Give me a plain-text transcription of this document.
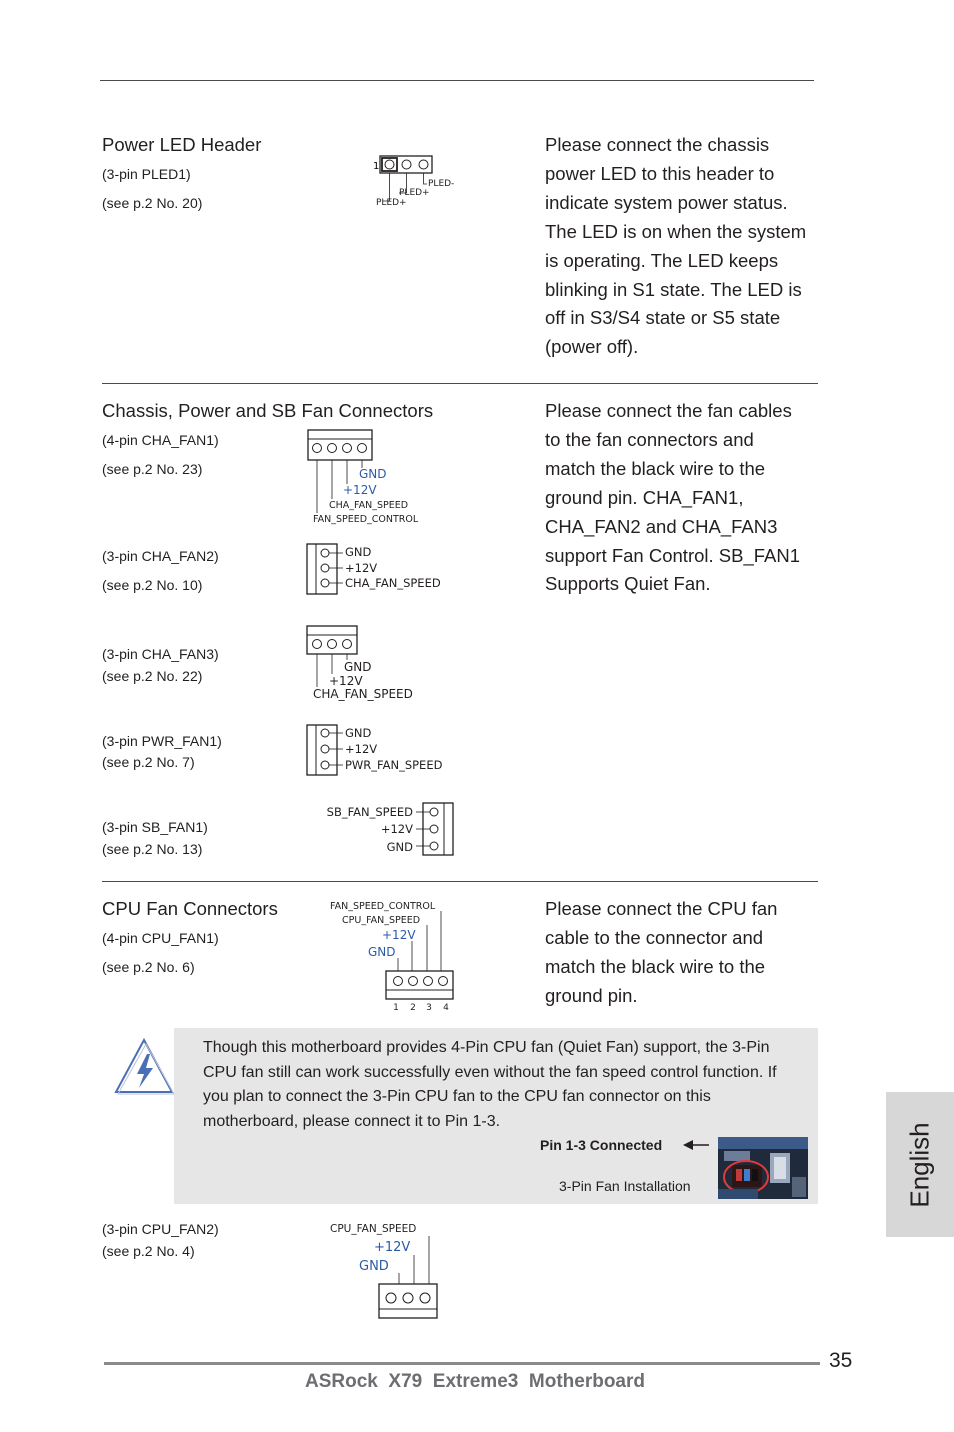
Power LED Header
(3-pin PLED1)
(see p.2 No. 20)
1
PLED-
PLED+
PLED+
Please connect the chassis
power LED to this header to
indicate system power status.
The LED is on when the system
is operating. The LED keeps
blinking in S1 state. The LED is
off in S3/S4 state or S5 state
(power off).
Chassis, Power and SB Fan Connectors
(4-pin CHA_FAN1)
(see p.2 No. 23)	GND
+12V
CHA_FAN_SPEED
FAN_SPEED_CONTROL
(3-pin CHA_FAN2)
(see p.2 No. 10)
GND
+12V
CHA_FAN_SPEED
(3-pin CHA_FAN3)
(see p.2 No. 22)
GND
+12V
CHA_FAN_SPEED
(3-pin PWR_FAN1)
(see p.2 No. 7)
GND
+12V
PWR_FAN_SPEED
(3-pin SB_FAN1)
(see p.2 No. 13)
SB_FAN_SPEED
+12V
GND
Please connect the fan cables
to the fan connectors and
match the black wire to the
ground pin. CHA_FAN1,
CHA_FAN2 and CHA_FAN3
support Fan Control. SB_FAN1
Supports Quiet Fan.
CPU Fan Connectors
(4-pin CPU_FAN1)
(see p.2 No. 6)
FAN_SPEED_CONTROL
CPU_FAN_SPEED
+12V
GND
1 2 3 4
Please connect the CPU fan
cable to the connector and
match the black wire to the
ground pin.
Though this motherboard provides 4-Pin CPU fan (Quiet Fan) support, the 3-Pin
CPU fan still can work successfully even without the fan speed control function. If
you plan to connect the 3-Pin CPU fan to the CPU fan connector on this
motherboard, please connect it to Pin 1-3.
Pin 1-3 Connected
3-Pin Fan Installation
(3-pin CPU_FAN2)
(see p.2 No. 4)
CPU_FAN_SPEED
+12V
GND
English
35
ASRock  X79  Extreme3  Motherboard
